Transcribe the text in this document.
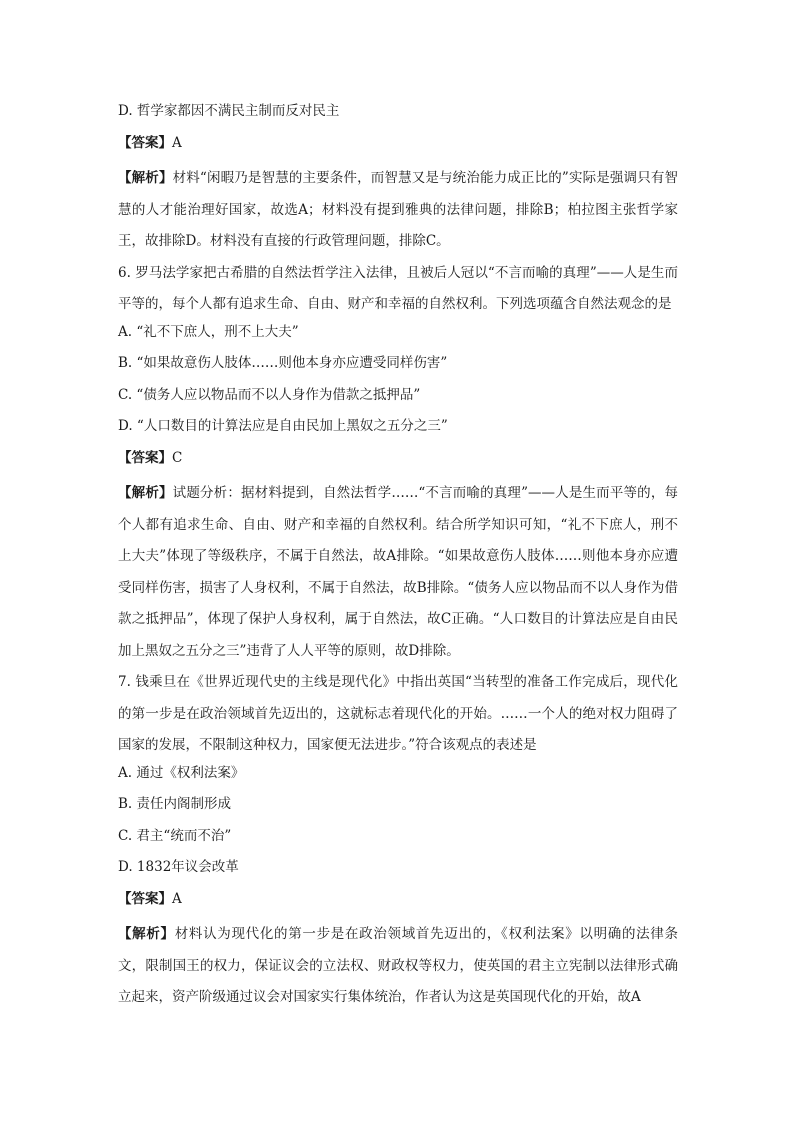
D. 哲学家都因不满民主制而反对民主

【答案】A

【解析】材料“闲暇乃是智慧的主要条件，而智慧又是与统治能力成正比的”实际是强调只有智慧的人才能治理好国家，故选A；材料没有提到雅典的法律问题，排除B；柏拉图主张哲学家王，故排除D。材料没有直接的行政管理问题，排除C。

6. 罗马法学家把古希腊的自然法哲学注入法律，且被后人冠以“不言而喻的真理”——人是生而平等的，每个人都有追求生命、自由、财产和幸福的自然权利。下列选项蕴含自然法观念的是

A. “礼不下庶人，刑不上大夫”

B. “如果故意伤人肢体……则他本身亦应遭受同样伤害”

C. “债务人应以物品而不以人身作为借款之抵押品”

D. “人口数目的计算法应是自由民加上黑奴之五分之三”

【答案】C

【解析】试题分析：据材料提到，自然法哲学……“不言而喻的真理”——人是生而平等的，每个人都有追求生命、自由、财产和幸福的自然权利。结合所学知识可知，“礼不下庶人，刑不上大夫”体现了等级秩序，不属于自然法，故A排除。“如果故意伤人肢体……则他本身亦应遭受同样伤害，损害了人身权利，不属于自然法，故B排除。“债务人应以物品而不以人身作为借款之抵押品”，体现了保护人身权利，属于自然法，故C正确。“人口数目的计算法应是自由民加上黑奴之五分之三”违背了人人平等的原则，故D排除。

7. 钱乘旦在《世界近现代史的主线是现代化》中指出英国“当转型的准备工作完成后，现代化的第一步是在政治领域首先迈出的，这就标志着现代化的开始。……一个人的绝对权力阻碍了国家的发展，不限制这种权力，国家便无法进步。”符合该观点的表述是

A. 通过《权利法案》

B. 责任内阁制形成

C. 君主“统而不治”

D. 1832年议会改革

【答案】A

【解析】材料认为现代化的第一步是在政治领域首先迈出的，《权利法案》以明确的法律条文，限制国王的权力，保证议会的立法权、财政权等权力，使英国的君主立宪制以法律形式确立起来，资产阶级通过议会对国家实行集体统治，作者认为这是英国现代化的开始，故A
